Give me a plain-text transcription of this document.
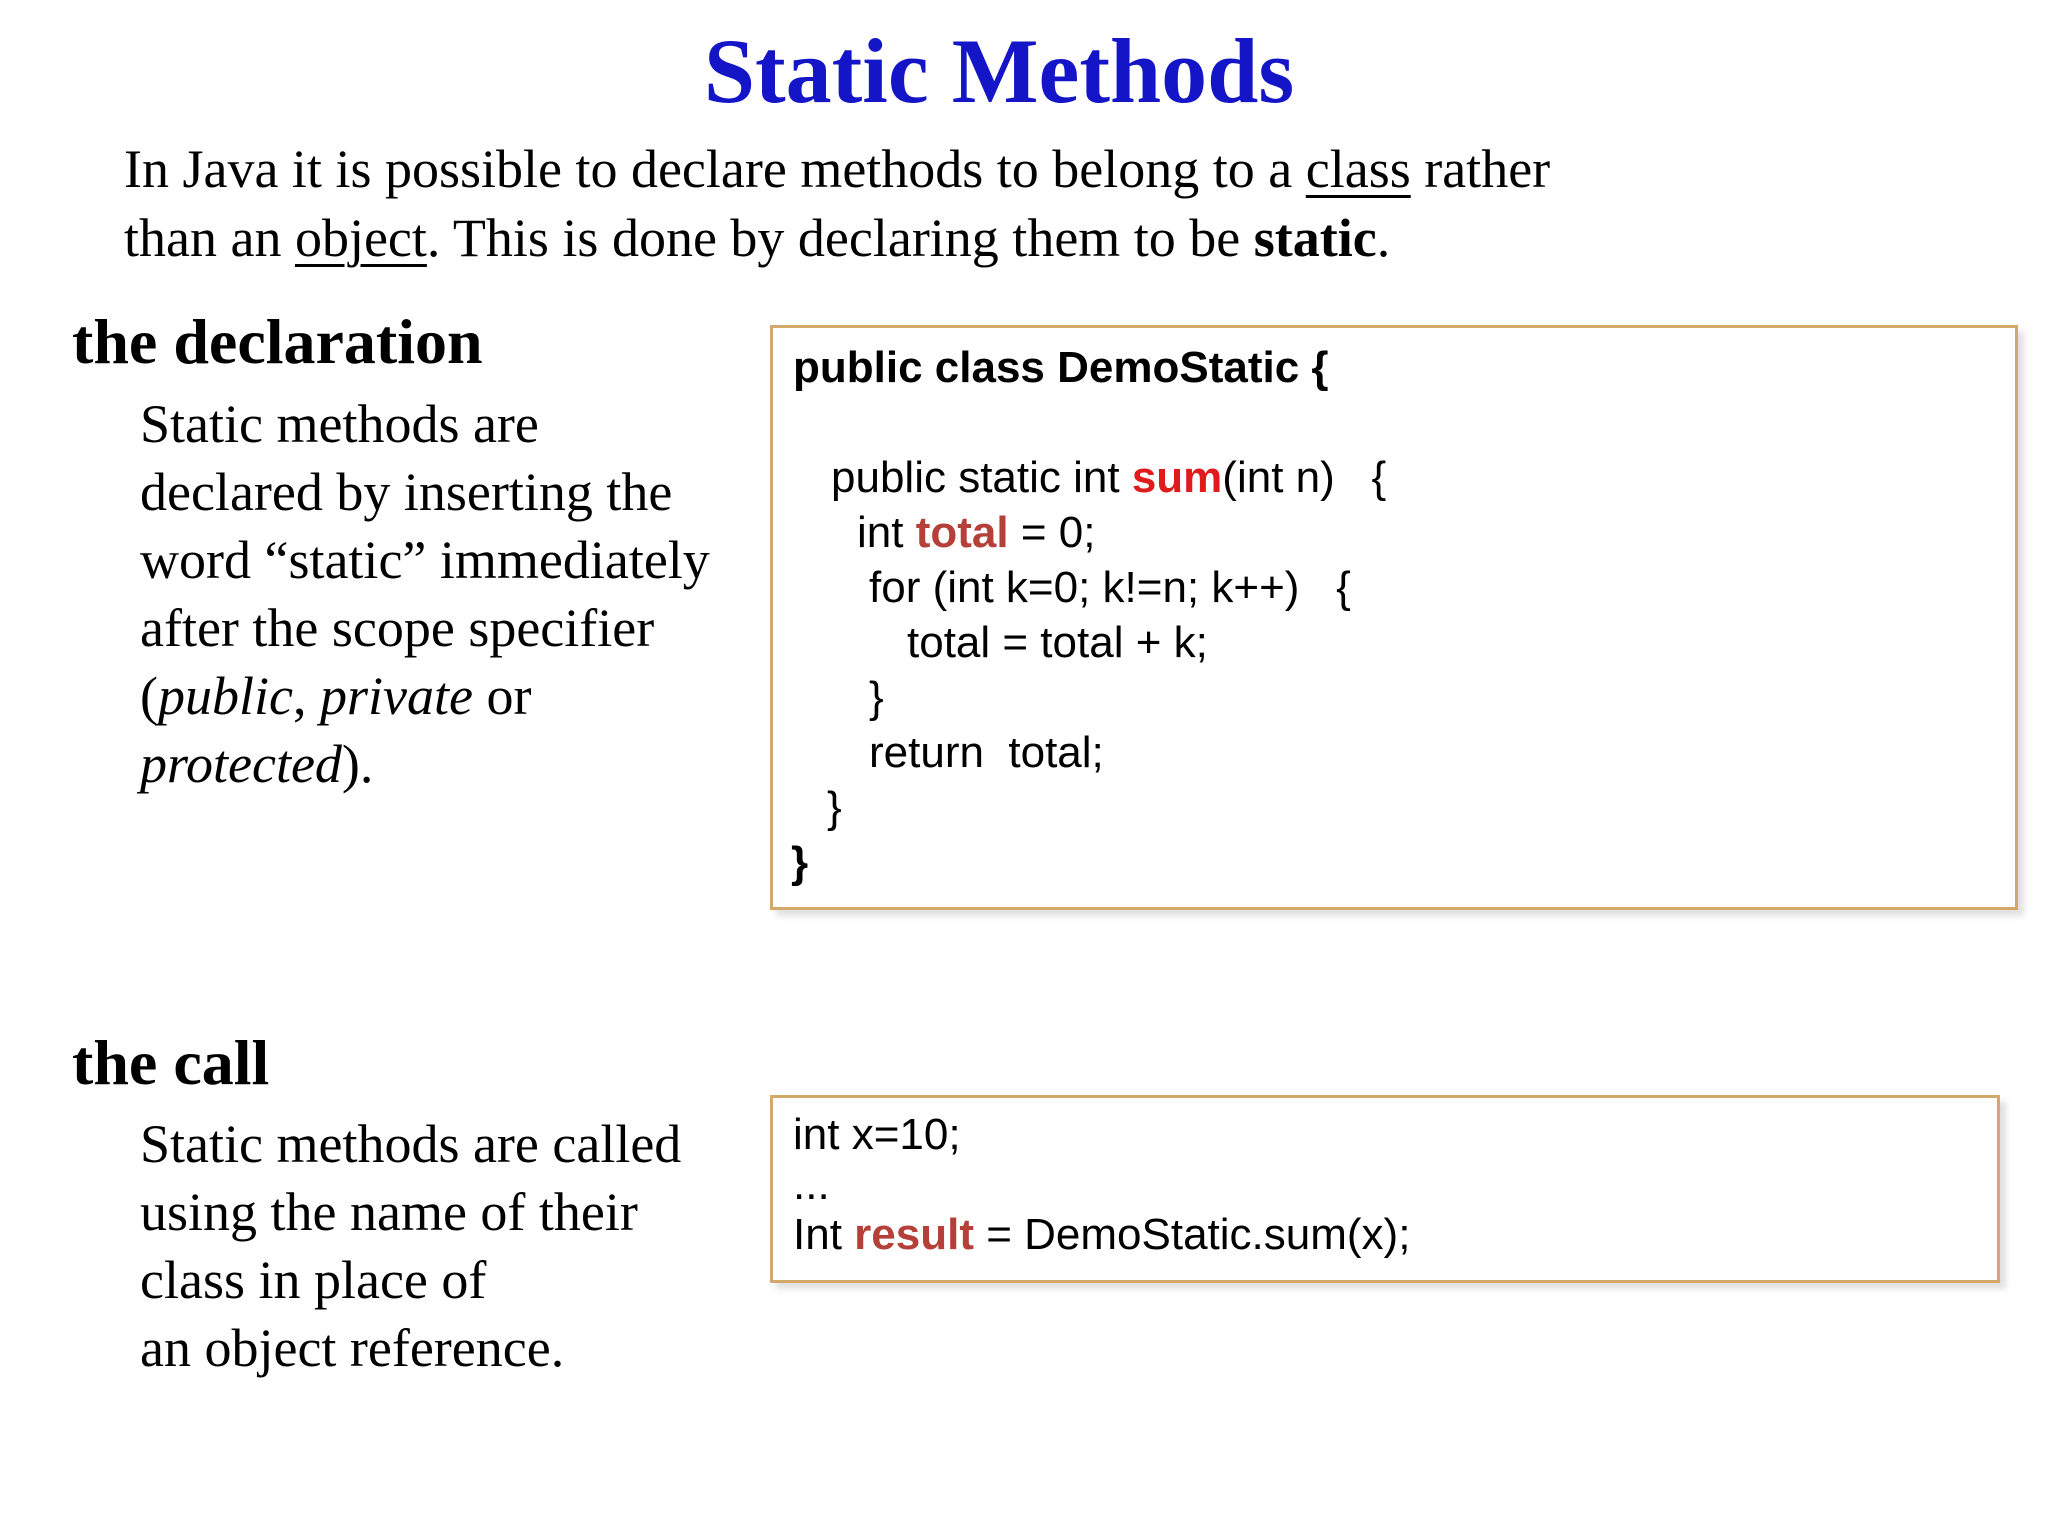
Static Methods
In Java it is possible to declare methods to belong to a class rather
than an object. This is done by declaring them to be static.
the declaration
Static methods are
declared by inserting the
word “static” immediately
after the scope specifier
(public, private or
protected).
public class DemoStatic {
public static int sum(int n)   {
int total = 0;
for (int k=0; k!=n; k++)   {
total = total + k;
}
return  total;
}
}
the call
Static methods are called
using the name of their
class in place of
an object reference.
int x=10;
...
Int result = DemoStatic.sum(x);
